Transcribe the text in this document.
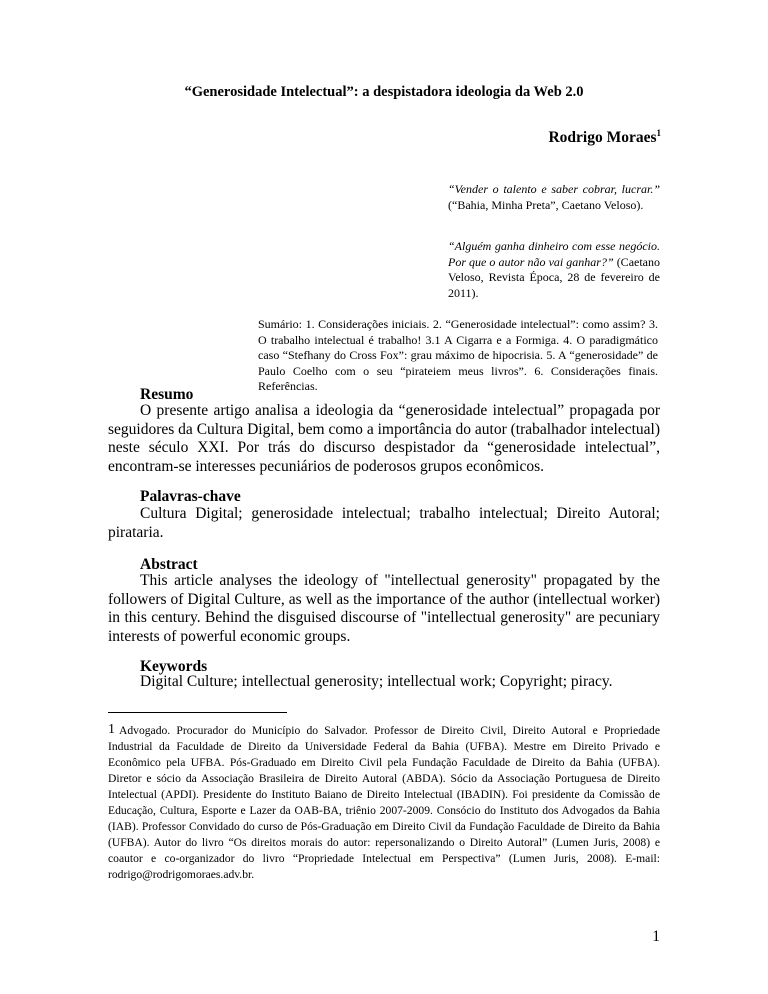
“Generosidade Intelectual”: a despistadora ideologia da Web 2.0
Rodrigo Moraes$^1$
“Vender o talento e saber cobrar, lucrar.” (“Bahia, Minha Preta”, Caetano Veloso).
“Alguém ganha dinheiro com esse negócio. Por que o autor não vai ganhar?” (Caetano Veloso, Revista Época, 28 de fevereiro de 2011).
Sumário: 1. Considerações iniciais. 2. “Generosidade intelectual”: como assim? 3. O trabalho intelectual é trabalho! 3.1 A Cigarra e a Formiga. 4. O paradigmático caso “Stefhany do Cross Fox”: grau máximo de hipocrisia. 5. A “generosidade” de Paulo Coelho com o seu “pirateiem meus livros”. 6. Considerações finais. Referências.
Resumo
O presente artigo analisa a ideologia da “generosidade intelectual” propagada por seguidores da Cultura Digital, bem como a importância do autor (trabalhador intelectual) neste século XXI. Por trás do discurso despistador da “generosidade intelectual”, encontram-se interesses pecuniários de poderosos grupos econômicos.
Palavras-chave
Cultura Digital; generosidade intelectual; trabalho intelectual; Direito Autoral; pirataria.
Abstract
This article analyses the ideology of "intellectual generosity" propagated by the followers of Digital Culture, as well as the importance of the author (intellectual worker) in this century. Behind the disguised discourse of "intellectual generosity" are pecuniary interests of powerful economic groups.
Keywords
Digital Culture; intellectual generosity; intellectual work; Copyright; piracy.
$^1$ Advogado. Procurador do Município do Salvador. Professor de Direito Civil, Direito Autoral e Propriedade Industrial da Faculdade de Direito da Universidade Federal da Bahia (UFBA). Mestre em Direito Privado e Econômico pela UFBA. Pós-Graduado em Direito Civil pela Fundação Faculdade de Direito da Bahia (UFBA). Diretor e sócio da Associação Brasileira de Direito Autoral (ABDA). Sócio da Associação Portuguesa de Direito Intelectual (APDI). Presidente do Instituto Baiano de Direito Intelectual (IBADIN). Foi presidente da Comissão de Educação, Cultura, Esporte e Lazer da OAB-BA, triênio 2007-2009. Consócio do Instituto dos Advogados da Bahia (IAB). Professor Convidado do curso de Pós-Graduação em Direito Civil da Fundação Faculdade de Direito da Bahia (UFBA). Autor do livro “Os direitos morais do autor: repersonalizando o Direito Autoral” (Lumen Juris, 2008) e coautor e co-organizador do livro “Propriedade Intelectual em Perspectiva” (Lumen Juris, 2008). E-mail: rodrigo@rodrigomoraes.adv.br.
1
